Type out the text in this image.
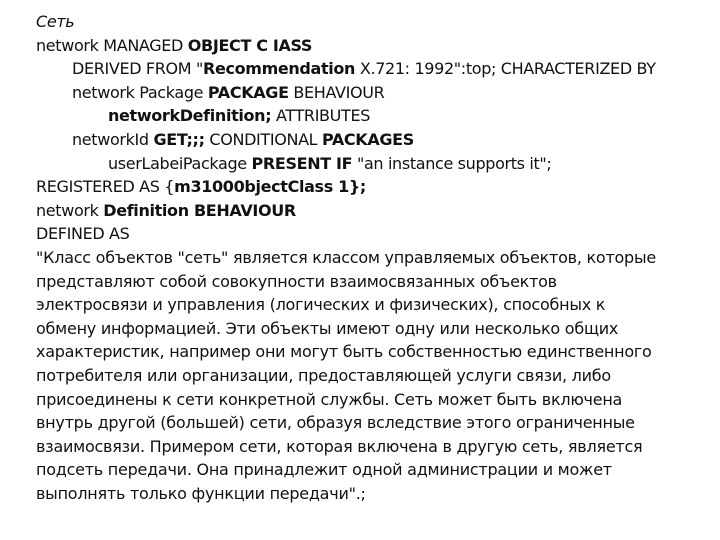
Сеть
network MANAGED OBJECT C IASS
DERIVED FROM "Recommendation X.721: 1992":top; CHARACTERIZED BY
network Package PACKAGE BEHAVIOUR
networkDefinition; ATTRIBUTES
networkId GET;;; CONDITIONAL PACKAGES
userLabeiPackage PRESENT IF "an instance supports it";
REGISTERED AS {m31000bjectClass 1};
network Definition BEHAVIOUR
DEFINED AS
"Класс объектов "сеть" является классом управляемых объектов, которые
представляют собой совокупности взаимосвязанных объектов
электросвязи и управления (логических и физических), способных к
обмену информацией. Эти объекты имеют одну или несколько общих
характеристик, например они могут быть собственностью единственного
потребителя или организации, предоставляющей услуги связи, либо
присоединены к сети конкретной службы. Сеть может быть включена
внутрь другой (большей) сети, образуя вследствие этого ограниченные
взаимосвязи. Примером сети, которая включена в другую сеть, является
подсеть передачи. Она принадлежит одной администрации и может
выполнять только функции передачи".;
